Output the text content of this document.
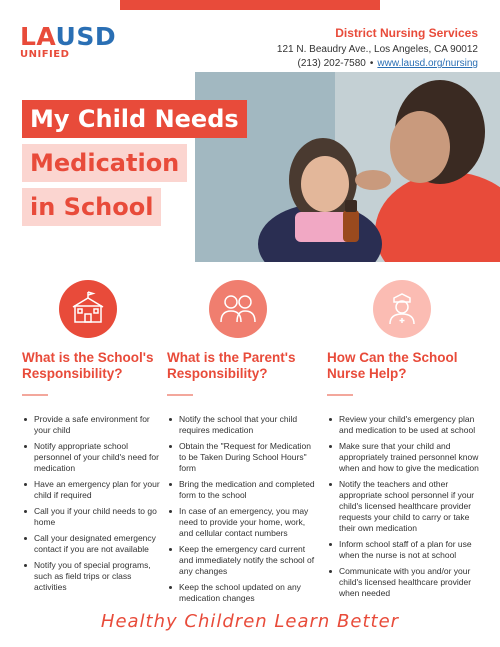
LAUSD
UNIFIED
District Nursing Services
121 N. Beaudry Ave., Los Angeles, CA 90012
(213) 202-7580 • www.lausd.org/nursing
My Child Needs
Medication
in School
What is the School's Responsibility?
Provide a safe environment for your child
Notify appropriate school personnel of your child's need for medication
Have an emergency plan for your child if required
Call you if your child needs to go home
Call your designated emergency contact if you are not available
Notify you of special programs, such as field trips or class activities
What is the Parent's Responsibility?
Notify the school that your child requires medication
Obtain the "Request for Medication to be Taken During School Hours" form
Bring the medication and completed form to the school
In case of an emergency, you may need to provide your home, work, and cellular contact numbers
Keep the emergency card current and immediately notify the school of any changes
Keep the school updated on any medication changes
How Can the School Nurse Help?
Review your child's emergency plan and medication to be used at school
Make sure that your child and appropriately trained personnel know when and how to give the medication
Notify the teachers and other appropriate school personnel if your child's licensed healthcare provider requests your child to carry or take their own medication
Inform school staff of a plan for use when the nurse is not at school
Communicate with you and/or your child's licensed healthcare provider when needed
Healthy Children Learn Better
